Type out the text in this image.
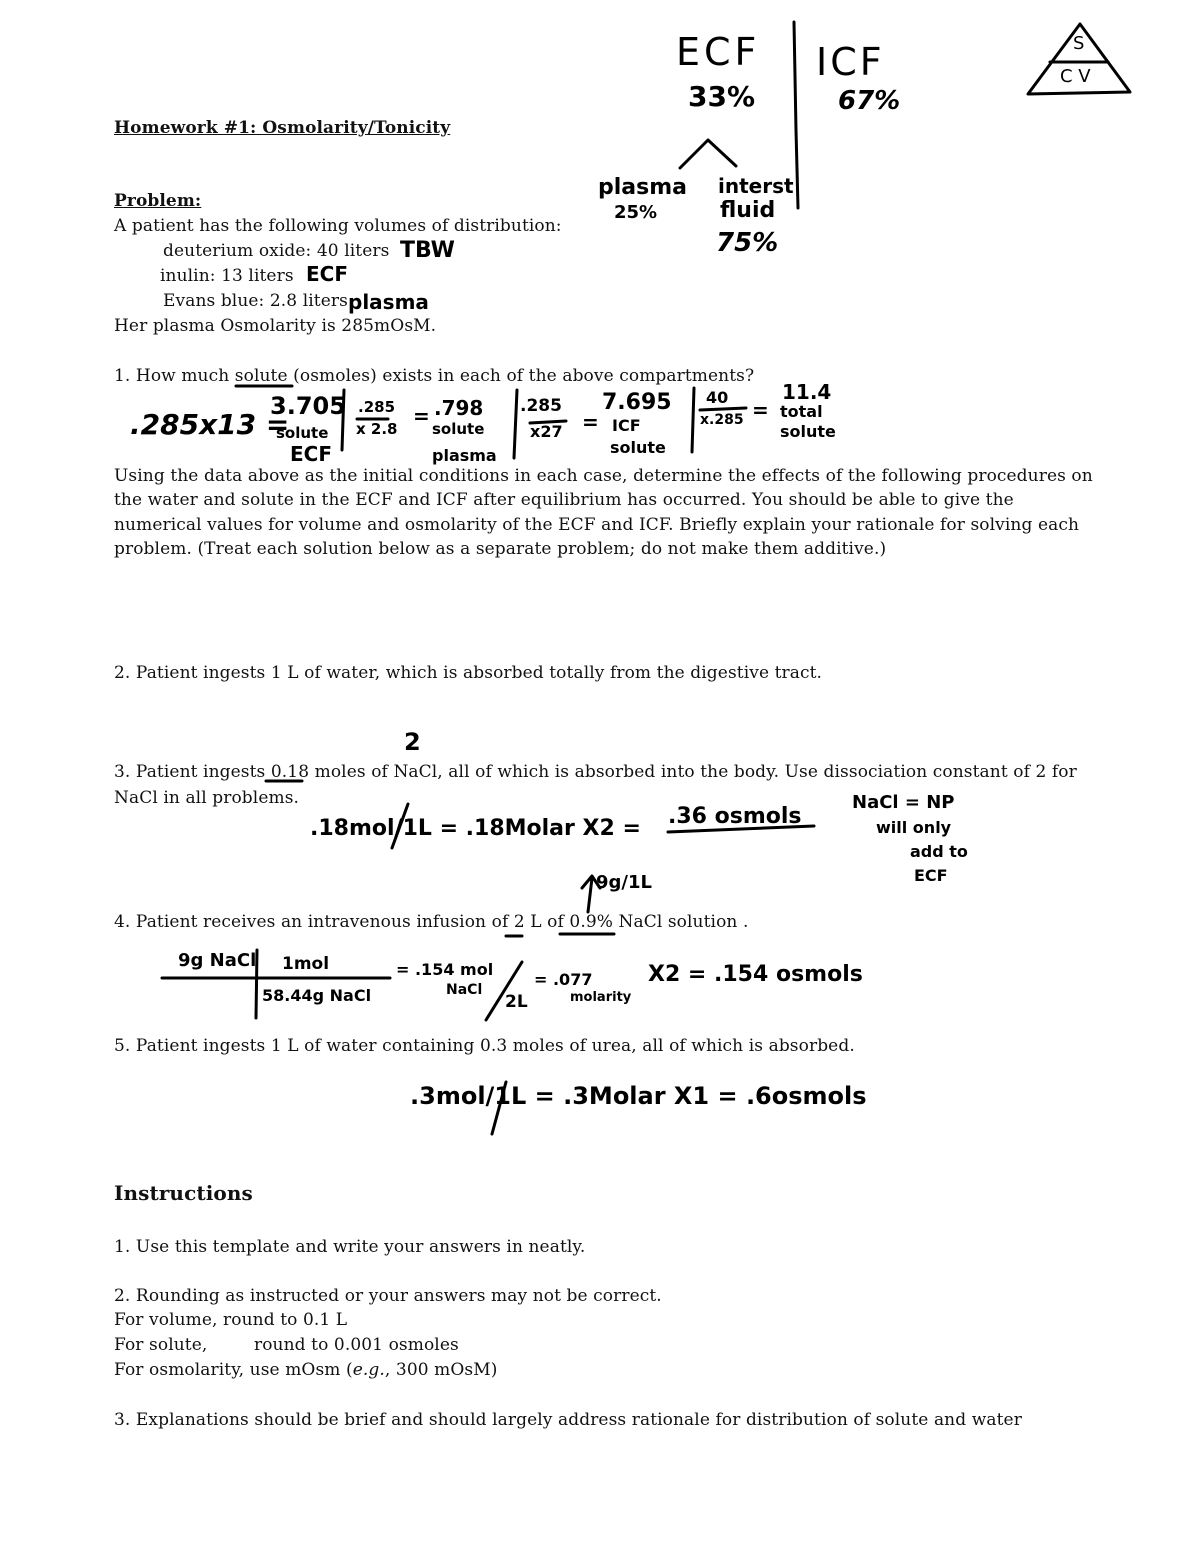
Homework #1: Osmolarity/Tonicity
Problem:
A patient has the following volumes of distribution:
deuterium oxide: 40 liters
inulin: 13 liters
Evans blue: 2.8 liters
Her plasma Osmolarity is 285mOsM.
1. How much solute (osmoles) exists in each of the above compartments?
Using the data above as the initial conditions in each case, determine the effects of the following procedures on
the water and solute in the ECF and ICF after equilibrium has occurred. You should be able to give the
numerical values for volume and osmolarity of the ECF and ICF. Briefly explain your rationale for solving each
problem. (Treat each solution below as a separate problem; do not make them additive.)
2. Patient ingests 1 L of water, which is absorbed totally from the digestive tract.
3. Patient ingests 0.18 moles of NaCl, all of which is absorbed into the body. Use dissociation constant of 2 for
NaCl in all problems.
4. Patient receives an intravenous infusion of 2 L of 0.9% NaCl solution .
5. Patient ingests 1 L of water containing 0.3 moles of urea, all of which is absorbed.
Instructions
1. Use this template and write your answers in neatly.
2. Rounding as instructed or your answers may not be correct.
For volume, round to 0.1 L
For solute,	round to 0.001 osmoles
For osmolarity, use mOsm (e.g., 300 mOsM)
3. Explanations should be brief and should largely address rationale for distribution of solute and water
TBW
ECF
plasma
ECF
33%
ICF
67%
plasma
25%
interst
fluid
75%
S
C V
.285x13 =
3.705
solute
ECF
.285
x 2.8
= .798
solute
plasma
.285
x27 =
7.695
ICF
solute
40
x.285 =
11.4
total
solute
2
.18mol/1L = .18Molar X2 = .36 osmols
NaCl = NP
will only
add to
ECF
9g/1L
9g NaCl 1mol
58.44g NaCl
= .154 mol
NaCl
2L
= .077
molarity
X2 = .154 osmols
.3mol/1L = .3Molar X1 = .6osmols
